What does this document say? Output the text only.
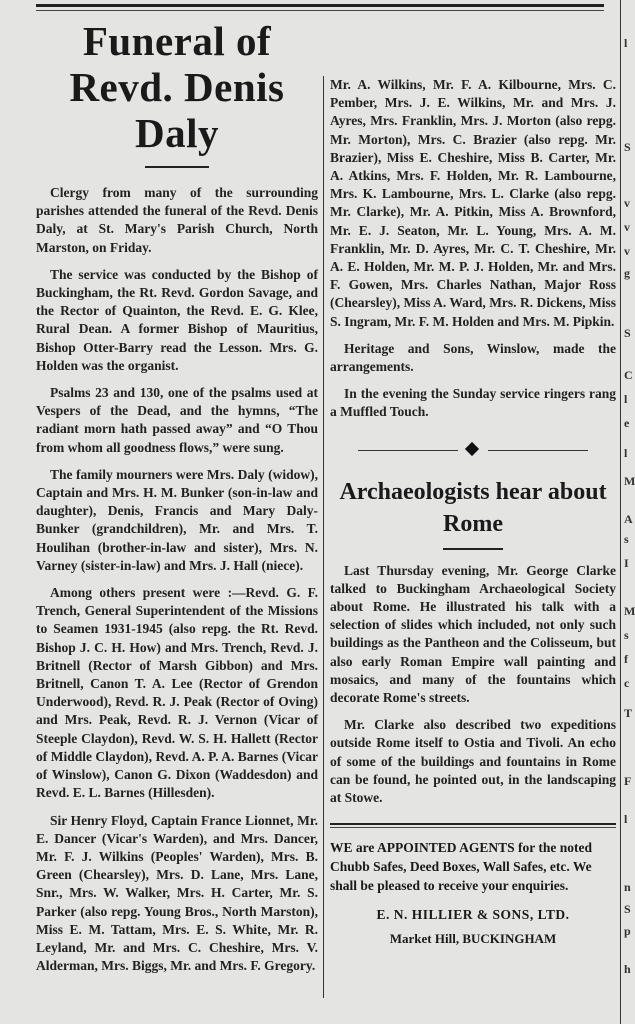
Funeral of Revd. Denis Daly

Clergy from many of the surrounding parishes attended the funeral of the Revd. Denis Daly, at St. Mary's Parish Church, North Marston, on Friday.

The service was conducted by the Bishop of Buckingham, the Rt. Revd. Gordon Savage, and the Rector of Quainton, the Revd. E. G. Klee, Rural Dean. A former Bishop of Mauritius, Bishop Otter-Barry read the Lesson. Mrs. G. Holden was the organist.

Psalms 23 and 130, one of the psalms used at Vespers of the Dead, and the hymns, “The radiant morn hath passed away” and “O Thou from whom all goodness flows,” were sung.

The family mourners were Mrs. Daly (widow), Captain and Mrs. H. M. Bunker (son-in-law and daughter), Denis, Francis and Mary Daly-Bunker (grandchildren), Mr. and Mrs. T. Houlihan (brother-in-law and sister), Mrs. N. Varney (sister-in-law) and Mrs. J. Hall (niece).

Among others present were :—Revd. G. F. Trench, General Superintendent of the Missions to Seamen 1931-1945 (also repg. the Rt. Revd. Bishop J. C. H. How) and Mrs. Trench, Revd. J. Britnell (Rector of Marsh Gibbon) and Mrs. Britnell, Canon T. A. Lee (Rector of Grendon Underwood), Revd. R. J. Peak (Rector of Oving) and Mrs. Peak, Revd. R. J. Vernon (Vicar of Steeple Claydon), Revd. W. S. H. Hallett (Rector of Middle Claydon), Revd. A. P. A. Barnes (Vicar of Winslow), Canon G. Dixon (Waddesdon) and Revd. E. L. Barnes (Hillesden).

Sir Henry Floyd, Captain France Lionnet, Mr. E. Dancer (Vicar's Warden), and Mrs. Dancer, Mr. F. J. Wilkins (Peoples' Warden), Mrs. B. Green (Chearsley), Mrs. D. Lane, Mrs. Lane, Snr., Mrs. W. Walker, Mrs. H. Carter, Mr. S. Parker (also repg. Young Bros., North Marston), Miss E. M. Tattam, Mrs. E. S. White, Mr. R. Leyland, Mr. and Mrs. C. Cheshire, Mrs. V. Alderman, Mrs. Biggs, Mr. and Mrs. F. Gregory.

Mr. A. Wilkins, Mr. F. A. Kilbourne, Mrs. C. Pember, Mrs. J. E. Wilkins, Mr. and Mrs. J. Ayres, Mrs. Franklin, Mrs. J. Morton (also repg. Mr. Morton), Mrs. C. Brazier (also repg. Mr. Brazier), Miss E. Cheshire, Miss B. Carter, Mr. A. Atkins, Mrs. F. Holden, Mr. R. Lambourne, Mrs. K. Lambourne, Mrs. L. Clarke (also repg. Mr. Clarke), Mr. A. Pitkin, Miss A. Brownford, Mr. E. J. Seaton, Mr. L. Young, Mrs. A. M. Franklin, Mr. D. Ayres, Mr. C. T. Cheshire, Mr. A. E. Holden, Mr. M. P. J. Holden, Mr. and Mrs. F. Gowen, Mrs. Charles Nathan, Major Ross (Chearsley), Miss A. Ward, Mrs. R. Dickens, Miss S. Ingram, Mr. F. M. Holden and Mrs. M. Pipkin.

Heritage and Sons, Winslow, made the arrangements.

In the evening the Sunday service ringers rang a Muffled Touch.

Archaeologists hear about Rome

Last Thursday evening, Mr. George Clarke talked to Buckingham Archaeological Society about Rome. He illustrated his talk with a selection of slides which included, not only such buildings as the Pantheon and the Colisseum, but also early Roman Empire wall painting and mosaics, and many of the fountains which decorate Rome's streets.

Mr. Clarke also described two expeditions outside Rome itself to Ostia and Tivoli. An echo of some of the buildings and fountains in Rome can be found, he pointed out, in the landscaping at Stowe.

WE are APPOINTED AGENTS for the noted Chubb Safes, Deed Boxes, Wall Safes, etc. We shall be pleased to receive your enquiries.

E. N. HILLIER & SONS, LTD.

Market Hill, BUCKINGHAM

l
S
v
v
v
g
S
C
l
e
l
M
A
s
I
M
s
f
c
T
F
l
n
S
p
h
